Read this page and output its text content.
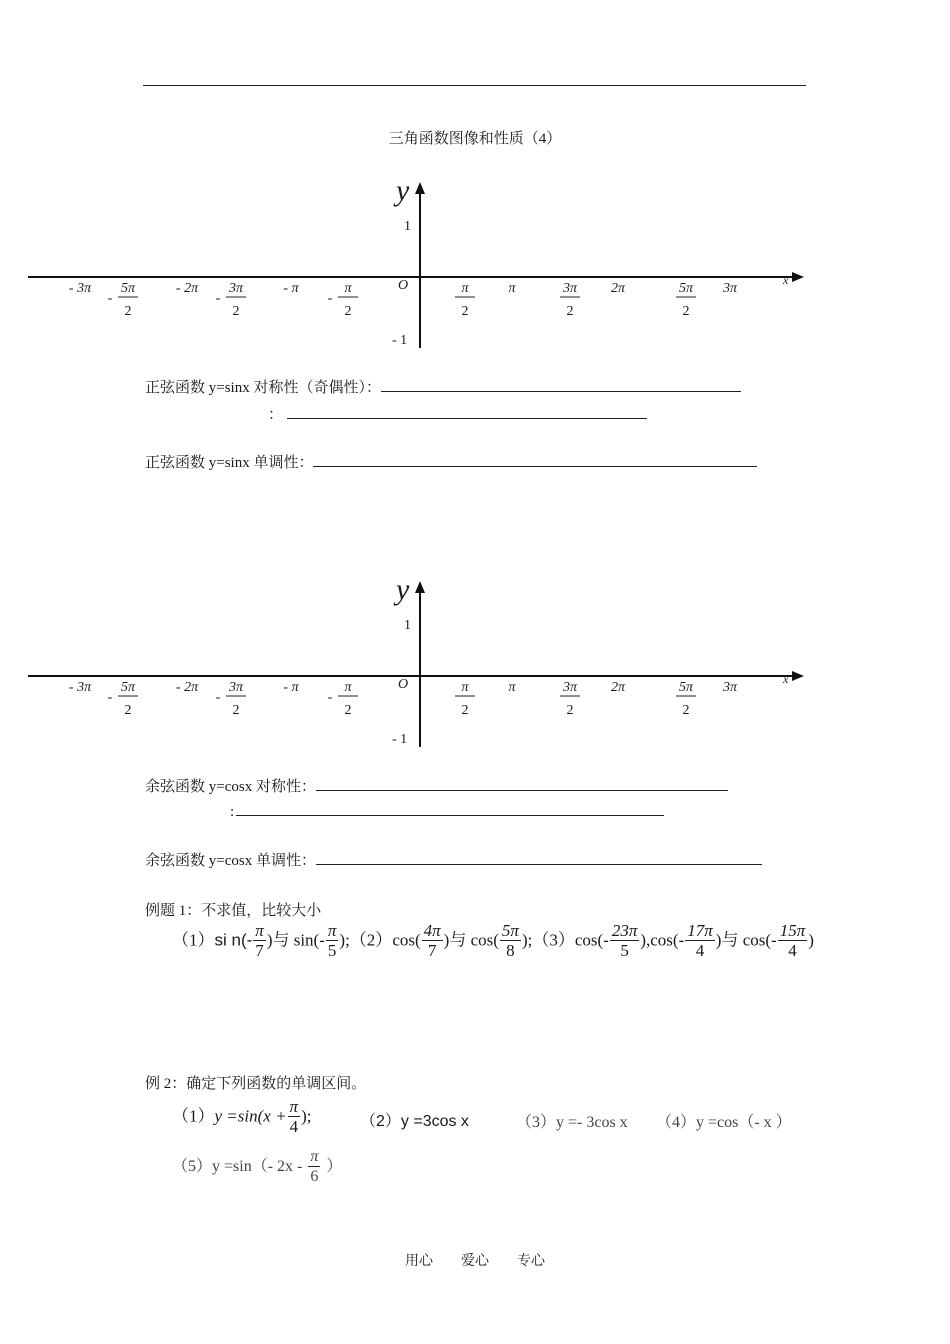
三角函数图像和性质（4）
y
x
O
1
- 1
- 3π
-
5π
2
- 2π
-
3π
2
- π
-
π
2
π
2
π	3π
2
2π	5π
2
3π
正弦函数 y=sinx 对称性（奇偶性）：
：
正弦函数 y=sinx 单调性：
y
x
O
1
- 1
- 3π
-
5π
2
- 2π
-
3π
2
- π
-
π
2
π
2
π	3π
2
2π	5π
2
3π
余弦函数 y=cosx 对称性：
:
余弦函数 y=cosx 单调性：
例题 1：不求值，比较大小
（1）si $n(- \frac{\pi}{7}$ )与 $\sin(- \frac{\pi}{5}$ );（2）cos( $\frac{4\pi}{7}$ )与 $\cos( \frac{5\pi}{8}$ );（3）cos(- $\frac{23\pi}{5} ),\cos(- \frac{17\pi}{4}$ )与 $\cos(- \frac{15\pi}{4}$ )
例 2：确定下列函数的单调区间。
$(1)y =\sin(x + \frac{\pi}{4}$ );	（2）y =3cos x	（3）y =- 3cos x （4）y =cos（- x ）
（5）y =sin（- $2x - \frac{\pi}{6}$ ）
用心　　爱心　　专心
